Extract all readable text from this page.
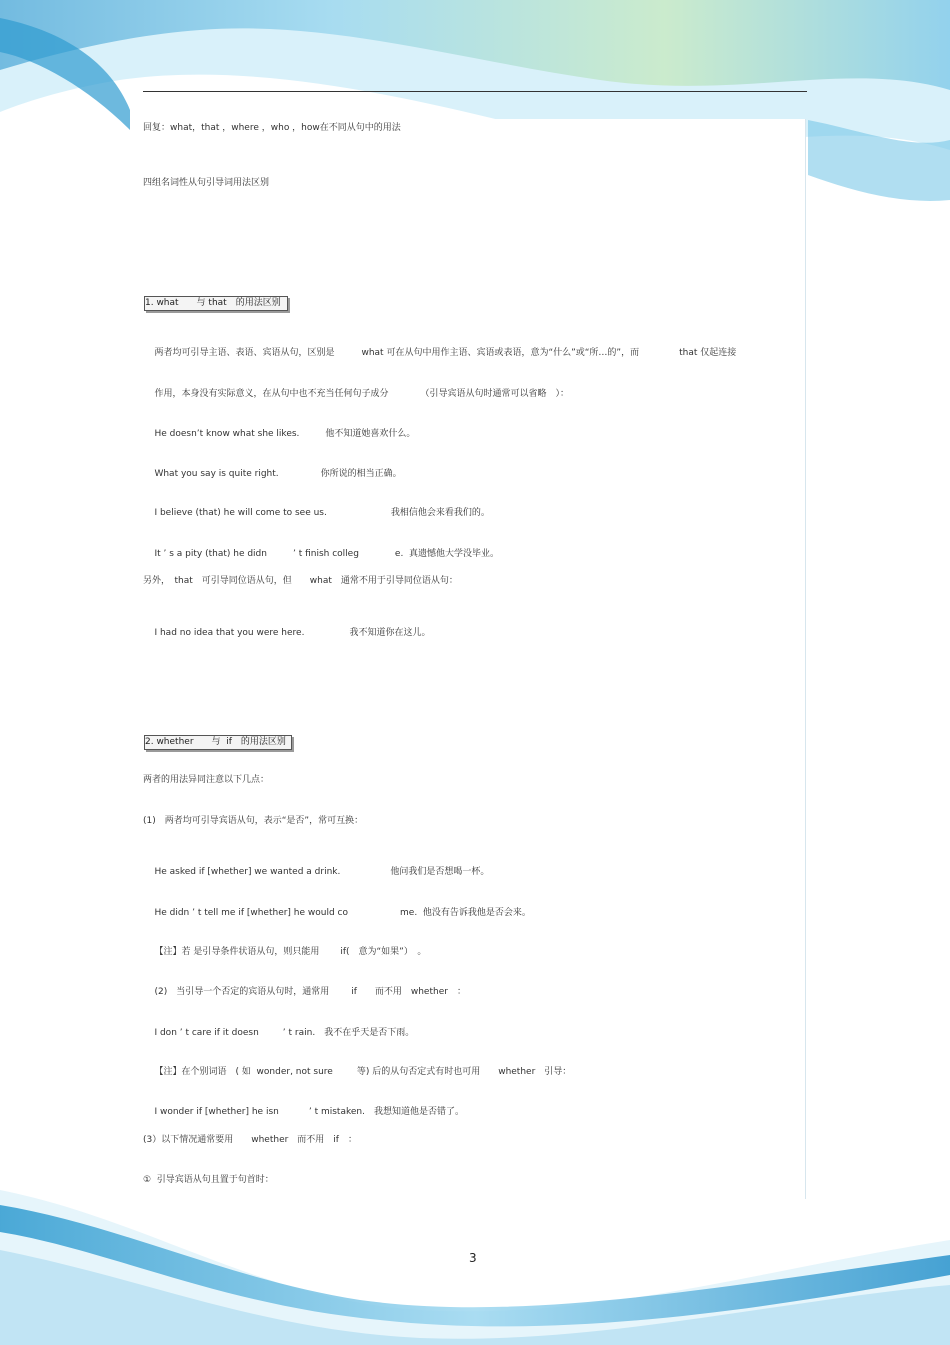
回复：what，that ，where ，who ，how在不同从句中的用法
四组名词性从句引导词用法区别
1. what　　与 that　的用法区别

两者均可引导主语、表语、宾语从句，区别是	what 可在从句中用作主语、宾语或表语，意为“什么”或“所…的”，而	that 仅起连接

作用，本身没有实际意义，在从句中也不充当任何句子成分	（引导宾语从句时通常可以省略　）：

He doesn’t know what she likes.	他不知道她喜欢什么。

What you say is quite right.	你所说的相当正确。

I believe (that) he will come to see us.	我相信他会来看我们的。

It ’ s a pity (that) he didn	’ t finish colleg	e.  真遗憾他大学没毕业。

另外，　that　可引导同位语从句，但　　what　通常不用于引导同位语从句：

I had no idea that you were here.	我不知道你在这儿。

2. whether　　与  if　的用法区别
两者的用法异同注意以下几点：
(1)　两者均可引导宾语从句，表示“是否”，常可互换：

He asked if [whether] we wanted a drink.	他问我们是否想喝一杯。

He didn ’ t tell me if [whether] he would co	me.  他没有告诉我他是否会来。

【注】若 是引导条件状语从句，则只能用 if(　意为“如果”）　。

(2)　当引导一个否定的宾语从句时，通常用 if　　而不用　whether　：

I don ’ t care if it doesn	’ t rain.　我不在乎天是否下雨。

【注】在个别词语　( 如  wonder, not sure	等) 后的从句否定式有时也可用 whether　引导：

I wonder if [whether] he isn	’ t mistaken.　我想知道他是否错了。

(3）以下情况通常要用　　whether　而不用　if　：
①  引导宾语从句且置于句首时：
3
